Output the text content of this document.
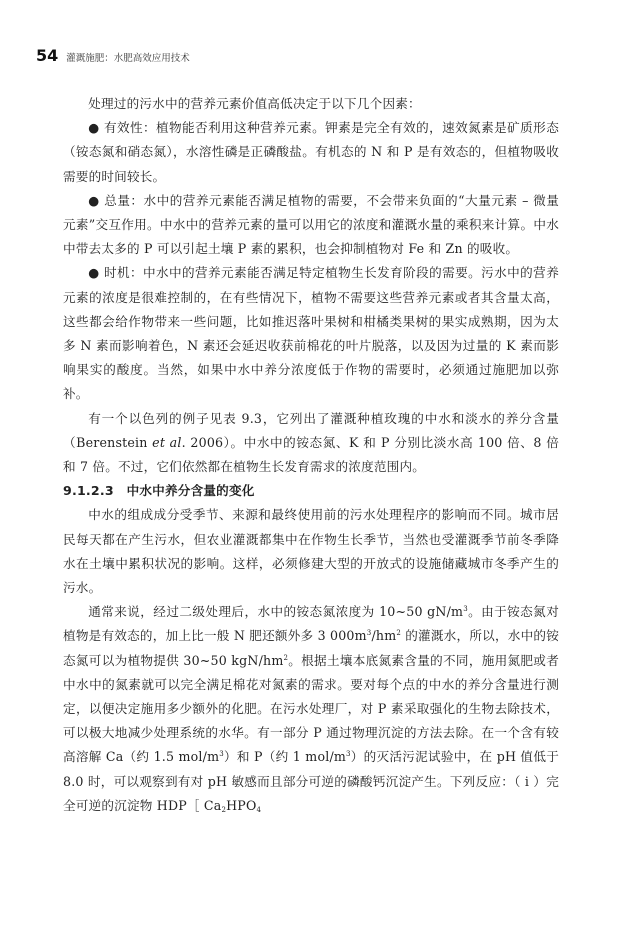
54 灌溉施肥：水肥高效应用技术

处理过的污水中的营养元素价值高低决定于以下几个因素：

● 有效性：植物能否利用这种营养元素。钾素是完全有效的，速效氮素是矿质形态（铵态氮和硝态氮），水溶性磷是正磷酸盐。有机态的 N 和 P 是有效态的，但植物吸收需要的时间较长。

● 总量：水中的营养元素能否满足植物的需要，不会带来负面的“大量元素 – 微量元素”交互作用。中水中的营养元素的量可以用它的浓度和灌溉水量的乘积来计算。中水中带去太多的 P 可以引起土壤 P 素的累积，也会抑制植物对 Fe 和 Zn 的吸收。

● 时机：中水中的营养元素能否满足特定植物生长发育阶段的需要。污水中的营养元素的浓度是很难控制的，在有些情况下，植物不需要这些营养元素或者其含量太高，这些都会给作物带来一些问题，比如推迟落叶果树和柑橘类果树的果实成熟期，因为太多 N 素而影响着色，N 素还会延迟收获前棉花的叶片脱落，以及因为过量的 K 素而影响果实的酸度。当然，如果中水中养分浓度低于作物的需要时，必须通过施肥加以弥补。

有一个以色列的例子见表 9.3，它列出了灌溉种植玫瑰的中水和淡水的养分含量（Berenstein et al. 2006）。中水中的铵态氮、K 和 P 分别比淡水高 100 倍、8 倍和 7 倍。不过，它们依然都在植物生长发育需求的浓度范围内。

9.1.2.3　中水中养分含量的变化

中水的组成成分受季节、来源和最终使用前的污水处理程序的影响而不同。城市居民每天都在产生污水，但农业灌溉都集中在作物生长季节，当然也受灌溉季节前冬季降水在土壤中累积状况的影响。这样，必须修建大型的开放式的设施储藏城市冬季产生的污水。

通常来说，经过二级处理后，水中的铵态氮浓度为 10~50 $gN/m^3$。由于铵态氮对植物是有效态的，加上比一般 N 肥还额外多 3 $000m^3/hm^2$ 的灌溉水，所以，水中的铵态氮可以为植物提供 30~50 kgN/$hm^2$。根据土壤本底氮素含量的不同，施用氮肥或者中水中的氮素就可以完全满足棉花对氮素的需求。要对每个点的中水的养分含量进行测定，以便决定施用多少额外的化肥。在污水处理厂，对 P 素采取强化的生物去除技术，可以极大地减少处理系统的水华。有一部分 P 通过物理沉淀的方法去除。在一个含有较高溶解 Ca（约 1.5 mol/$m^3$）和 P（约 1 mol/$m^3$）的灭活污泥试验中，在 pH 值低于 8.0 时，可以观察到有对 pH 敏感而且部分可逆的磷酸钙沉淀产生。下列反应：（ i ）完全可逆的沉淀物 HDP［ $Ca_2HPO_4$
